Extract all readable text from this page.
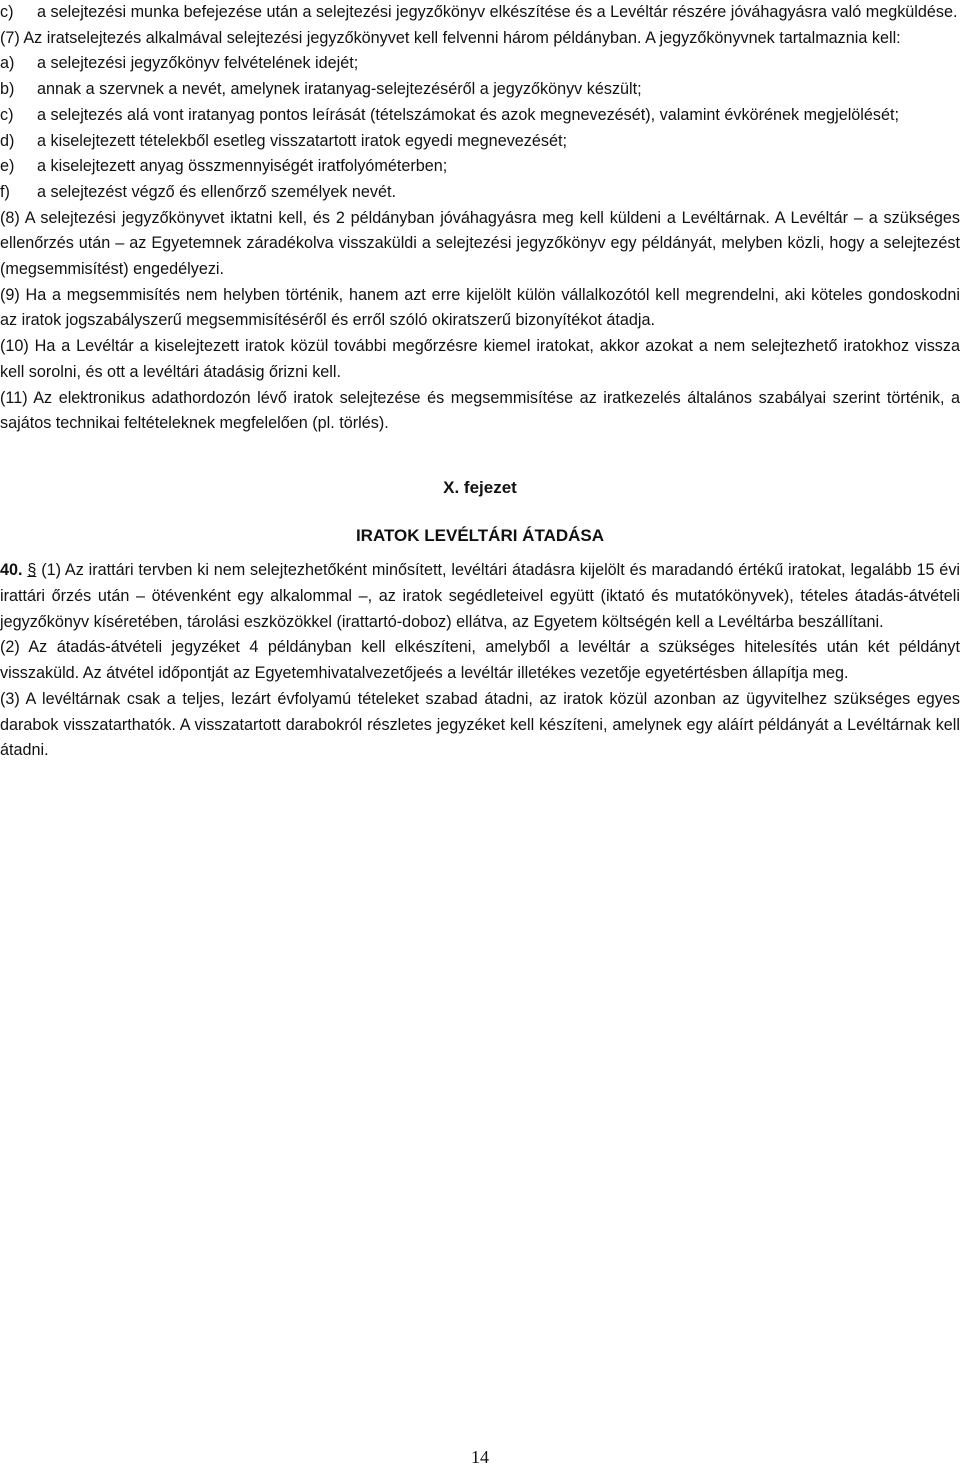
c)	a selejtezési munka befejezése után a selejtezési jegyzőkönyv elkészítése és a Levéltár részére jóváhagyásra való megküldése.

(7) Az iratselejtezés alkalmával selejtezési jegyzőkönyvet kell felvenni három példányban. A jegyzőkönyvnek tartalmaznia kell:

a)	a selejtezési jegyzőkönyv felvételének idejét;
b)	annak a szervnek a nevét, amelynek iratanyag-selejtezéséről a jegyzőkönyv készült;
c)	a selejtezés alá vont iratanyag pontos leírását (tételszámokat és azok megnevezését), valamint évkörének megjelölését;
d)	a kiselejtezett tételekből esetleg visszatartott iratok egyedi megnevezését;
e)	a kiselejtezett anyag összmennyiségét iratfolyóméterben;
f)	a selejtezést végző és ellenőrző személyek nevét.

(8) A selejtezési jegyzőkönyvet iktatni kell, és 2 példányban jóváhagyásra meg kell küldeni a Levéltárnak. A Levéltár – a szükséges ellenőrzés után – az Egyetemnek záradékolva visszaküldi a selejtezési jegyzőkönyv egy példányát, melyben közli, hogy a selejtezést (megsemmisítést) engedélyezi.

(9) Ha a megsemmisítés nem helyben történik, hanem azt erre kijelölt külön vállalkozótól kell megrendelni, aki köteles gondoskodni az iratok jogszabályszerű megsemmisítéséről és erről szóló okiratszerű bizonyítékot átadja.

(10) Ha a Levéltár a kiselejtezett iratok közül további megőrzésre kiemel iratokat, akkor azokat a nem selejtezhető iratokhoz vissza kell sorolni, és ott a levéltári átadásig őrizni kell.

(11) Az elektronikus adathordozón lévő iratok selejtezése és megsemmisítése az iratkezelés általános szabályai szerint történik, a sajátos technikai feltételeknek megfelelően (pl. törlés).

X. fejezet
IRATOK LEVÉLTÁRI ÁTADÁSA

40. § (1) Az irattári tervben ki nem selejtezhetőként minősített, levéltári átadásra kijelölt és maradandó értékű iratokat, legalább 15 évi irattári őrzés után – ötévenként egy alkalommal –, az iratok segédleteivel együtt (iktató és mutatókönyvek), tételes átadás-átvételi jegyzőkönyv kíséretében, tárolási eszközökkel (irattartó-doboz) ellátva, az Egyetem költségén kell a Levéltárba beszállítani.

(2) Az átadás-átvételi jegyzéket 4 példányban kell elkészíteni, amelyből a levéltár a szükséges hitelesítés után két példányt visszaküld. Az átvétel időpontját az Egyetemhivatalvezetőjeés a levéltár illetékes vezetője egyetértésben állapítja meg.

(3) A levéltárnak csak a teljes, lezárt évfolyamú tételeket szabad átadni, az iratok közül azonban az ügyvitelhez szükséges egyes darabok visszatarthatók. A visszatartott darabokról részletes jegyzéket kell készíteni, amelynek egy aláírt példányát a Levéltárnak kell átadni.

14
